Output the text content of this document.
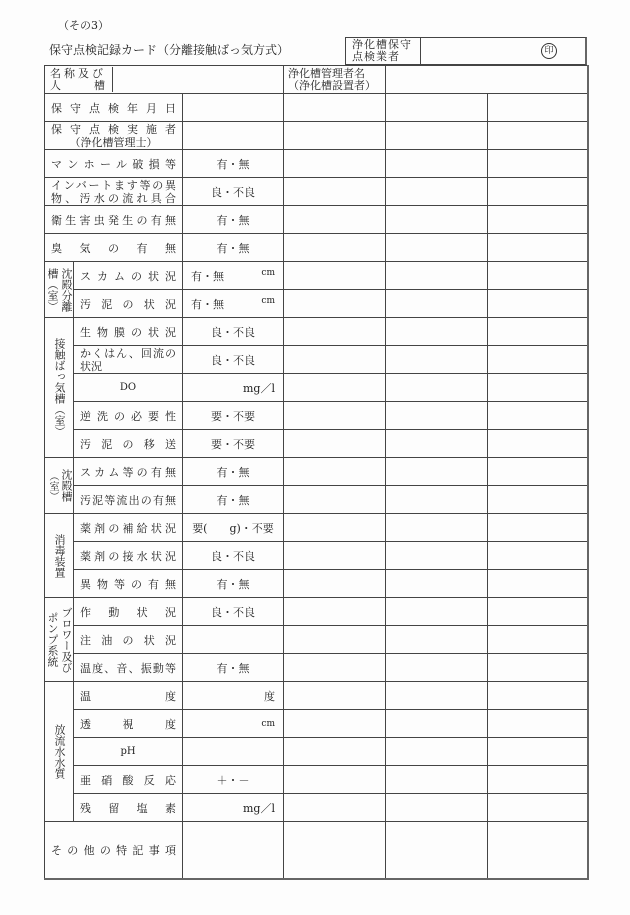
（その3）
保守点検記録カード（分離接触ばっ気方式）	浄化槽保守
点検業者	印
名称及び
人	槽

浄化槽管理者名
（浄化槽設置者）

保守点検年月日					

保守点検実施者
（浄化槽管理士）					

マンホール破損等		有・無			

インバートます等の異
物、汚水の流れ具合		良・不良			
衛生害虫発生の有無		有・無			
臭気の有無		有・無			

槽（室） 沈殿分離	スカムの状況	有・無	cm

	汚泥の状況	有・無 cm			

接触ばっ気槽（室）	生物膜の状況	良・不良			

	かくはん、回流の
状況	良・不良			
	DO	mg／l			
	逆洗の必要性	要・不要			
	汚泥の移送	要・不要			

（室） 沈殿槽	スカム等の有無	有・無			
	汚泥等流出の有無	有・無			

消毒装置	薬剤の補給状況	要(　　g)・不要			
	薬剤の接水状況	良・不良			
	異物等の有無	有・無			

ポンプ系統 ブロワー及び	作動状況	良・不良			
	注油の状況				
	温度、音、振動等	有・無			

放流水水質	温度	度			
	透視度	cm			
	pH				
	亜硝酸反応	＋・－			
	残留塩素	mg／l			
その他の特記事項					
